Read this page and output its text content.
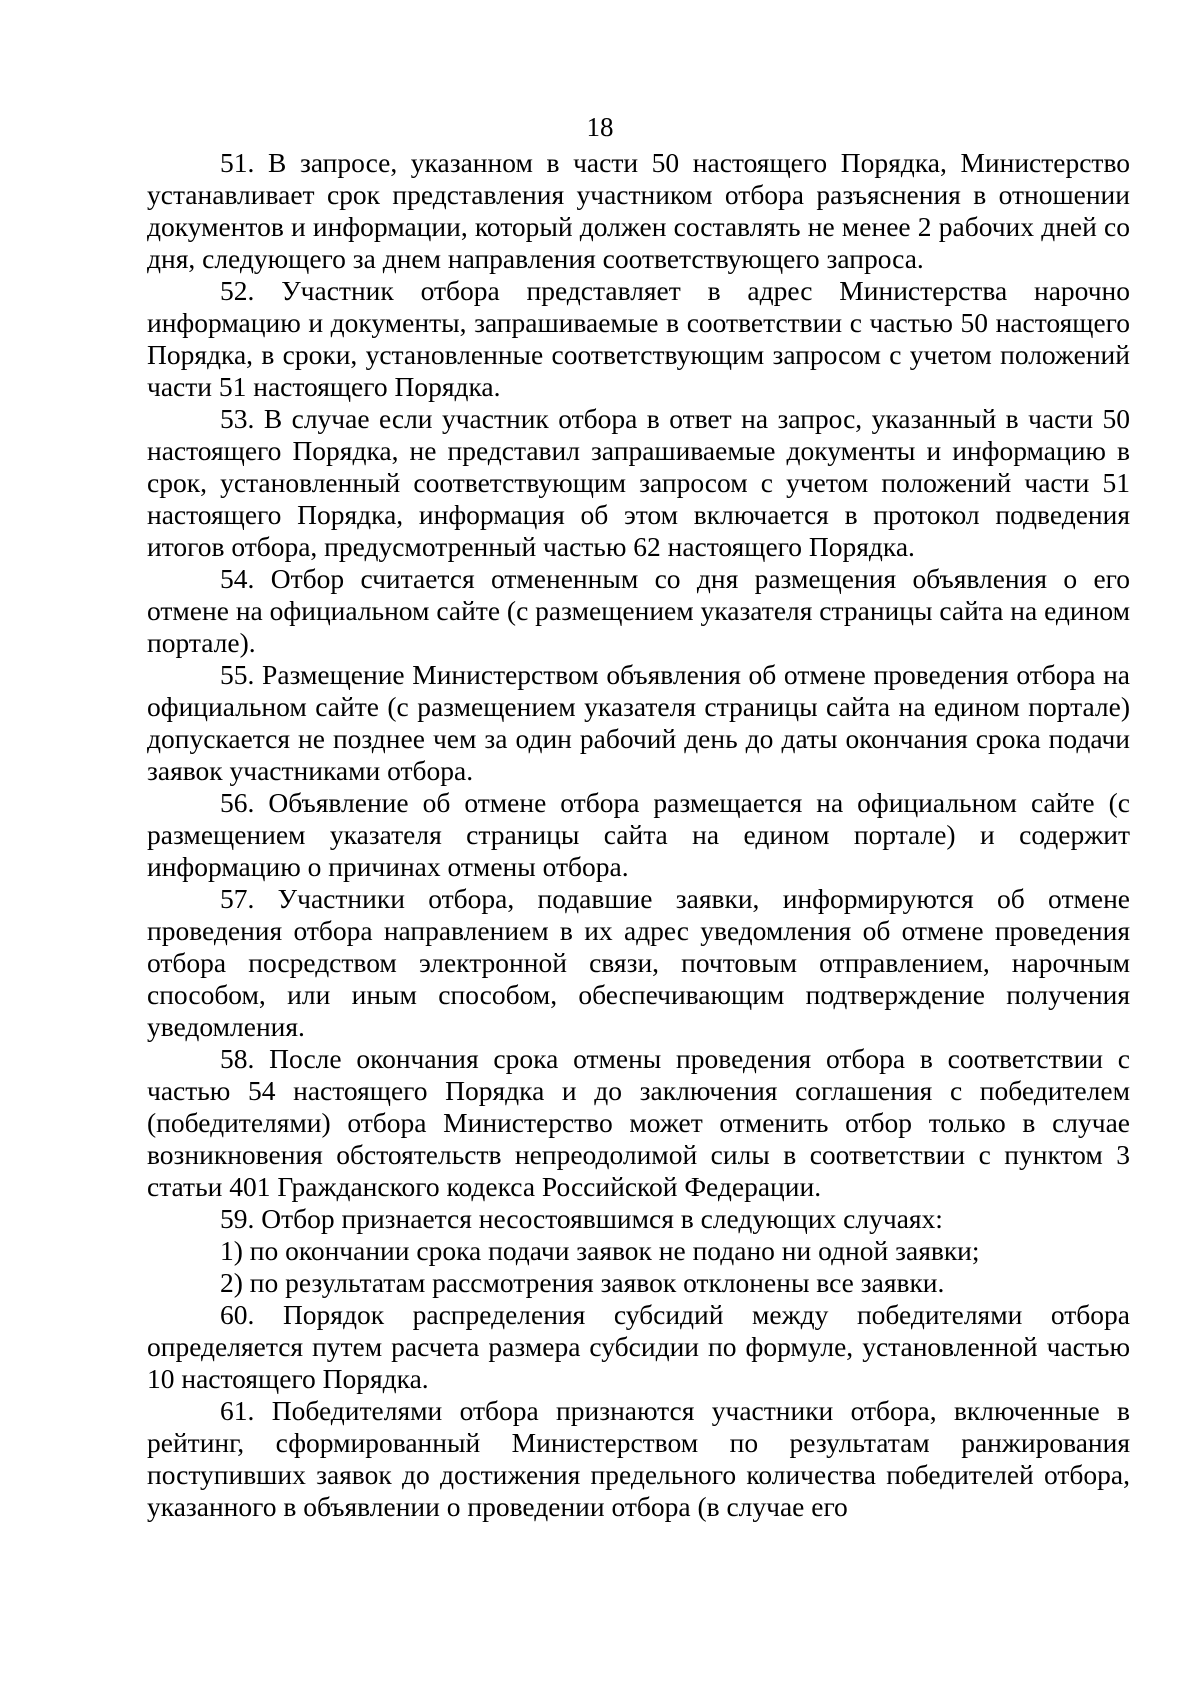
18

51. В запросе, указанном в части 50 настоящего Порядка, Министерство устанавливает срок представления участником отбора разъяснения в отношении документов и информации, который должен составлять не менее 2 рабочих дней со дня, следующего за днем направления соответствующего запроса.

52. Участник отбора представляет в адрес Министерства нарочно информацию и документы, запрашиваемые в соответствии с частью 50 настоящего Порядка, в сроки, установленные соответствующим запросом с учетом положений части 51 настоящего Порядка.

53. В случае если участник отбора в ответ на запрос, указанный в части 50 настоящего Порядка, не представил запрашиваемые документы и информацию в срок, установленный соответствующим запросом с учетом положений части 51 настоящего Порядка, информация об этом включается в протокол подведения итогов отбора, предусмотренный частью 62 настоящего Порядка.

54. Отбор считается отмененным со дня размещения объявления о его отмене на официальном сайте (с размещением указателя страницы сайта на едином портале).

55. Размещение Министерством объявления об отмене проведения отбора на официальном сайте (с размещением указателя страницы сайта на едином портале) допускается не позднее чем за один рабочий день до даты окончания срока подачи заявок участниками отбора.

56. Объявление об отмене отбора размещается на официальном сайте (с размещением указателя страницы сайта на едином портале) и содержит информацию о причинах отмены отбора.

57. Участники отбора, подавшие заявки, информируются об отмене проведения отбора направлением в их адрес уведомления об отмене проведения отбора посредством электронной связи, почтовым отправлением, нарочным способом, или иным способом, обеспечивающим подтверждение получения уведомления.

58. После окончания срока отмены проведения отбора в соответствии с частью 54 настоящего Порядка и до заключения соглашения с победителем (победителями) отбора Министерство может отменить отбор только в случае возникновения обстоятельств непреодолимой силы в соответствии с пунктом 3 статьи 401 Гражданского кодекса Российской Федерации.

59. Отбор признается несостоявшимся в следующих случаях:

1) по окончании срока подачи заявок не подано ни одной заявки;

2) по результатам рассмотрения заявок отклонены все заявки.

60. Порядок распределения субсидий между победителями отбора определяется путем расчета размера субсидии по формуле, установленной частью 10 настоящего Порядка.

61. Победителями отбора признаются участники отбора, включенные в рейтинг, сформированный Министерством по результатам ранжирования поступивших заявок до достижения предельного количества победителей отбора, указанного в объявлении о проведении отбора (в случае его
